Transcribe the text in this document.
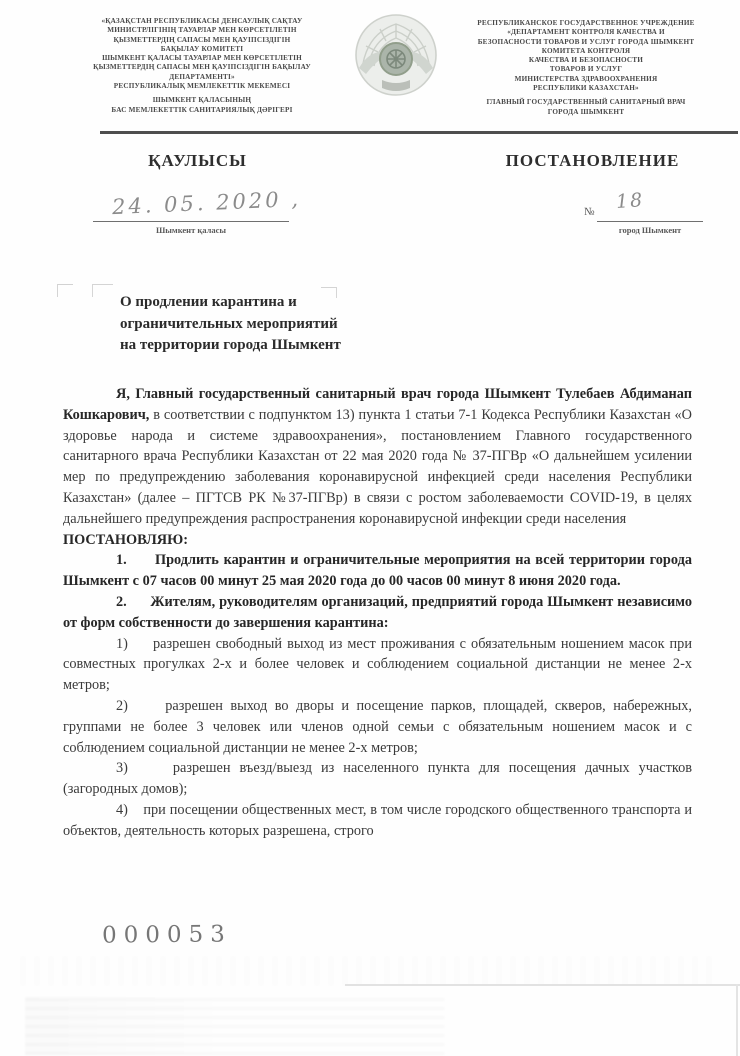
«ҚАЗАҚСТАН РЕСПУБЛИКАСЫ ДЕНСАУЛЫҚ САҚТАУ
МИНИСТРЛІГІНІҢ ТАУАРЛАР МЕН КӨРСЕТІЛЕТІН
ҚЫЗМЕТТЕРДІҢ САПАСЫ МЕН ҚАУІПСІЗДІГІН
БАҚЫЛАУ КОМИТЕТІ
ШЫМКЕНТ ҚАЛАСЫ ТАУАРЛАР МЕН КӨРСЕТІЛЕТІН
ҚЫЗМЕТТЕРДІҢ САПАСЫ МЕН ҚАУІПСІЗДІГІН БАҚЫЛАУ
ДЕПАРТАМЕНТІ»
РЕСПУБЛИКАЛЫҚ МЕМЛЕКЕТТІК МЕКЕМЕСІ
ШЫМКЕНТ ҚАЛАСЫНЫҢ
БАС МЕМЛЕКЕТТІК САНИТАРИЯЛЫҚ ДӘРІГЕРІ
РЕСПУБЛИКАНСКОЕ ГОСУДАРСТВЕННОЕ УЧРЕЖДЕНИЕ
«ДЕПАРТАМЕНТ КОНТРОЛЯ КАЧЕСТВА И
БЕЗОПАСНОСТИ ТОВАРОВ И УСЛУГ ГОРОДА ШЫМКЕНТ
КОМИТЕТА КОНТРОЛЯ
КАЧЕСТВА И БЕЗОПАСНОСТИ
ТОВАРОВ И УСЛУГ
МИНИСТЕРСТВА ЗДРАВООХРАНЕНИЯ
РЕСПУБЛИКИ КАЗАХСТАН»
ГЛАВНЫЙ ГОСУДАРСТВЕННЫЙ САНИТАРНЫЙ ВРАЧ
ГОРОДА ШЫМКЕНТ
ҚАУЛЫСЫ	ПОСТАНОВЛЕНИЕ
24. 05. 2020 ,
Шымкент қаласы
№ 18
город Шымкент
О продлении карантина и
ограничительных мероприятий
на территории города Шымкент

Я, Главный государственный санитарный врач города Шымкент Тулебаев Абдиманап Кошкарович, в соответствии с подпунктом 13) пункта 1 статьи 7-1 Кодекса Республики Казахстан «О здоровье народа и системе здравоохранения», постановлением Главного государственного санитарного врача Республики Казахстан от 22 мая 2020 года № 37-ПГВр «О дальнейшем усилении мер по предупреждению заболевания коронавирусной инфекцией среди населения Республики Казахстан» (далее – ПГТСВ РК №37-ПГВр) в связи с ростом заболеваемости COVID-19, в целях дальнейшего предупреждения распространения коронавирусной инфекции среди населения

ПОСТАНОВЛЯЮ:

1.      Продлить карантин и ограничительные мероприятия на всей территории города Шымкент с 07 часов 00 минут 25 мая 2020 года до 00 часов 00 минут 8 июня 2020 года.

2.      Жителям, руководителям организаций, предприятий города Шымкент независимо от форм собственности до завершения карантина:

1)     разрешен свободный выход из мест проживания с обязательным ношением масок при совместных прогулках 2-х и более человек и соблюдением социальной дистанции не менее 2-х метров;

2)     разрешен выход во дворы и посещение парков, площадей, скверов, набережных, группами не более 3 человек или членов одной семьи с обязательным ношением масок и с соблюдением социальной дистанции не менее 2-х метров;

3)     разрешен въезд/выезд из населенного пункта для посещения дачных участков (загородных домов);

4)    при посещении общественных мест, в том числе городского общественного транспорта и объектов, деятельность которых разрешена, строго

000053
